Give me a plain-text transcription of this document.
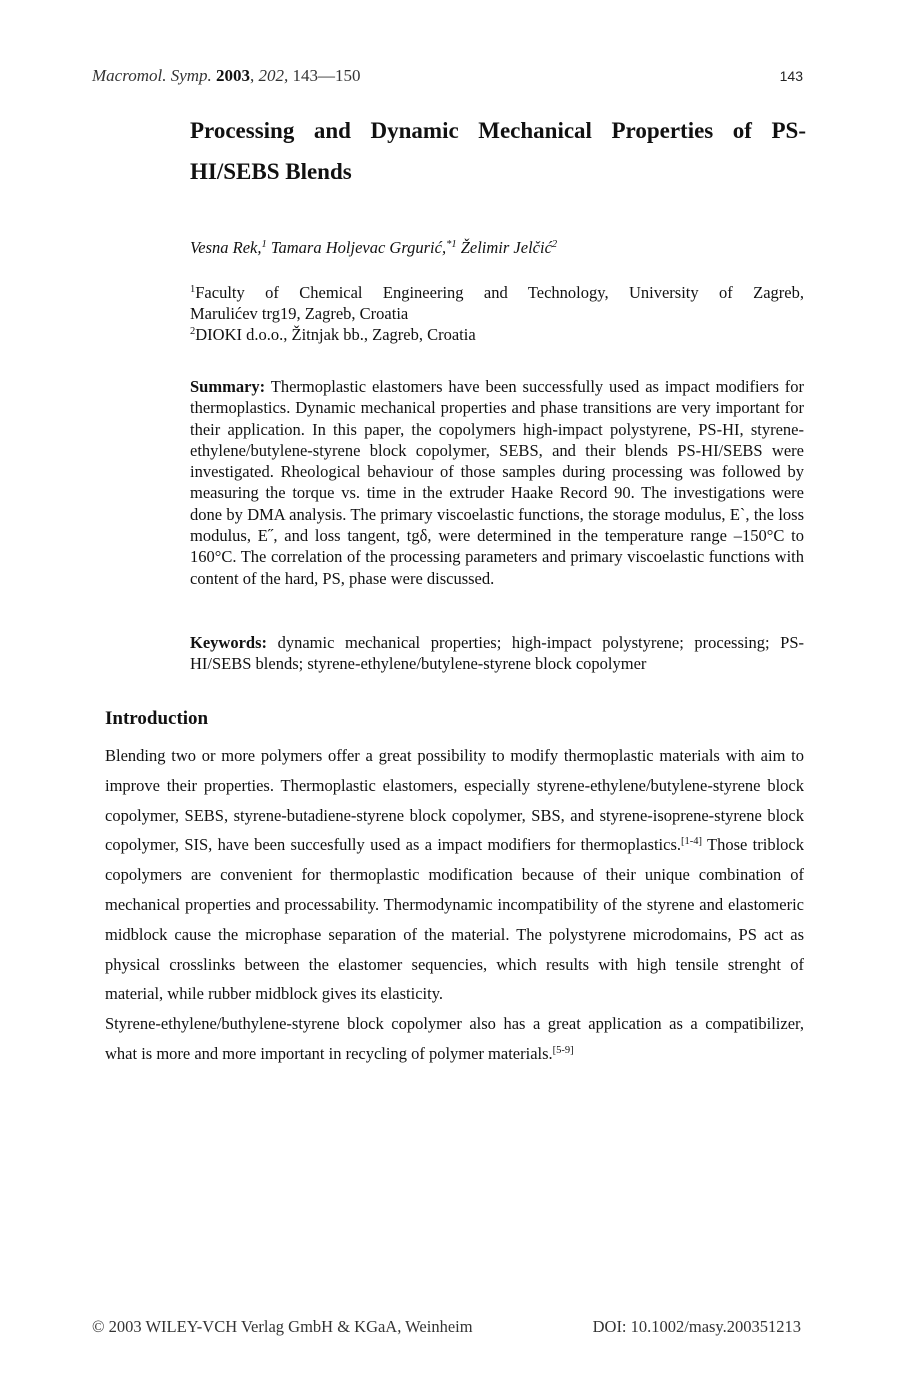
Macromol. Symp. 2003, 202, 143—150	143
Processing and Dynamic Mechanical Properties of PS-HI/SEBS Blends
Vesna Rek,$^1$ Tamara Holjevac Grgurić,$^{*1}$ Želimir Jelčić$^2$
$^1$Faculty of Chemical Engineering and Technology, University of Zagreb,
Marulićev trg19, Zagreb, Croatia
$^2$DIOKI d.o.o., Žitnjak bb., Zagreb, Croatia
Summary: Thermoplastic elastomers have been successfully used as impact modifiers for thermoplastics. Dynamic mechanical properties and phase transitions are very important for their application. In this paper, the copolymers high-impact polystyrene, PS-HI, styrene-ethylene/butylene-styrene block copolymer, SEBS, and their blends PS-HI/SEBS were investigated. Rheological behaviour of those samples during processing was followed by measuring the torque vs. time in the extruder Haake Record 90. The investigations were done by DMA analysis. The primary viscoelastic functions, the storage modulus, E`, the loss modulus, E˝, and loss tangent, tgδ, were determined in the temperature range –150°C to 160°C. The correlation of the processing parameters and primary viscoelastic functions with content of the hard, PS, phase were discussed.
Keywords: dynamic mechanical properties; high-impact polystyrene; processing; PS-HI/SEBS blends; styrene-ethylene/butylene-styrene block copolymer
Introduction

Blending two or more polymers offer a great possibility to modify thermoplastic materials with aim to improve their properties. Thermoplastic elastomers, especially styrene-ethylene/butylene-styrene block copolymer, SEBS, styrene-butadiene-styrene block copolymer, SBS, and styrene-isoprene-styrene block copolymer, SIS, have been succesfully used as a impact modifiers for thermoplastics.[1-4] Those triblock copolymers are convenient for thermoplastic modification because of their unique combination of mechanical properties and processability. Thermodynamic incompatibility of the styrene and elastomeric midblock cause the microphase separation of the material. The polystyrene microdomains, PS act as physical crosslinks between the elastomer sequencies, which results with high tensile strenght of material, while rubber midblock gives its elasticity.

Styrene-ethylene/buthylene-styrene block copolymer also has a great application as a compatibilizer, what is more and more important in recycling of polymer materials.[5-9]

© 2003 WILEY-VCH Verlag GmbH & KGaA, Weinheim	DOI: 10.1002/masy.200351213
